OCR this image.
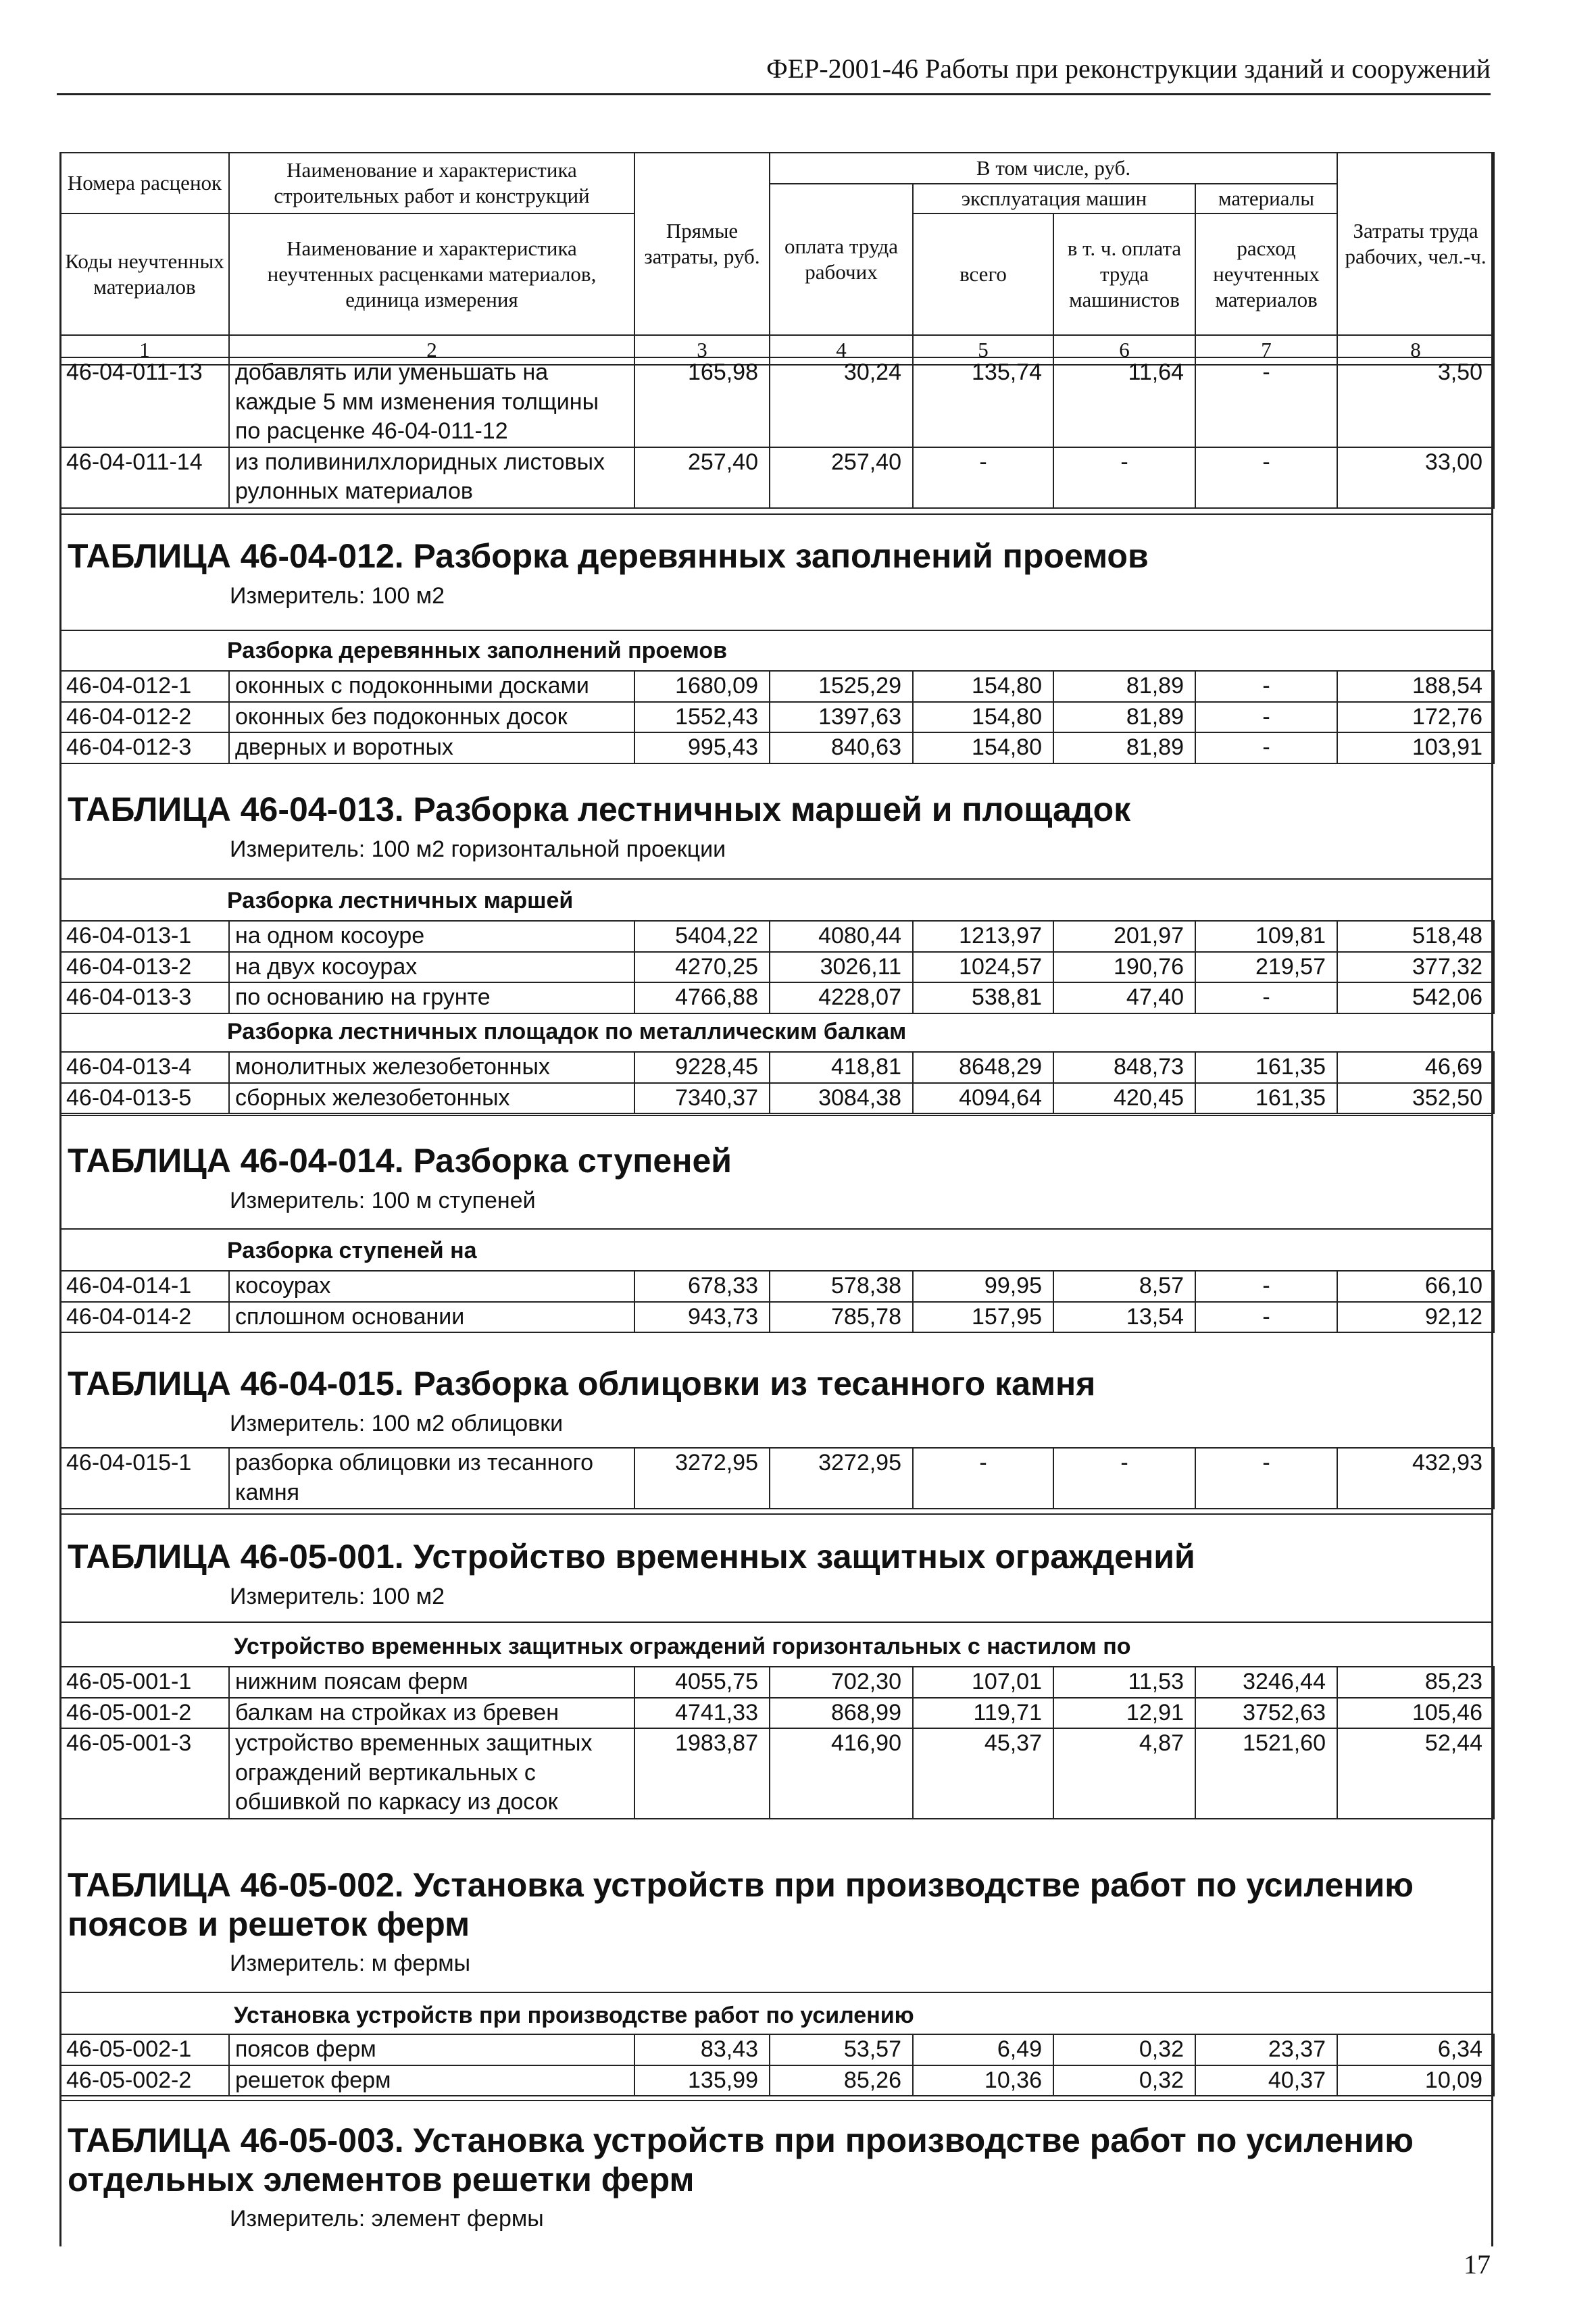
ФЕР-2001-46 Работы при реконструкции зданий и сооружений
Номера расценок	Наименование и характеристика строительных работ и конструкций	Прямые затраты, руб.	В том числе, руб.				Затраты труда рабочих, чел.-ч.
			оплата труда рабочих	эксплуатация машин		материалы	
Коды неучтенных материалов	Наименование и характеристика неучтенных расценками материалов, единица измерения			всего	в т. ч. оплата труда машинистов	расход неучтенных материалов	

1	2	3	4	5	6	7	8
46-04-011-13	добавлять или уменьшать на каждые 5 мм изменения толщины по расценке 46-04-011-12	165,98	30,24	135,74	11,64	-	3,50
46-04-011-14	из поливинилхлоридных листовых рулонных материалов	257,40	257,40	-	-	-	33,00
ТАБЛИЦА 46-04-012. Разборка деревянных заполнений проемов
Измеритель: 100 м2
Разборка деревянных заполнений проемов
46-04-012-1	оконных с подоконными досками	1680,09	1525,29	154,80	81,89	-	188,54
46-04-012-2	оконных без подоконных досок	1552,43	1397,63	154,80	81,89	-	172,76
46-04-012-3	дверных и воротных	995,43	840,63	154,80	81,89	-	103,91
ТАБЛИЦА 46-04-013. Разборка лестничных маршей и площадок
Измеритель: 100 м2 горизонтальной проекции
Разборка лестничных маршей
46-04-013-1	на одном косоуре	5404,22	4080,44	1213,97	201,97	109,81	518,48
46-04-013-2	на двух косоурах	4270,25	3026,11	1024,57	190,76	219,57	377,32
46-04-013-3	по основанию на грунте	4766,88	4228,07	538,81	47,40	-	542,06
Разборка лестничных площадок по металлическим балкам
46-04-013-4	монолитных железобетонных	9228,45	418,81	8648,29	848,73	161,35	46,69
46-04-013-5	сборных железобетонных	7340,37	3084,38	4094,64	420,45	161,35	352,50
ТАБЛИЦА 46-04-014. Разборка ступеней
Измеритель: 100 м ступеней
Разборка ступеней на
46-04-014-1	косоурах	678,33	578,38	99,95	8,57	-	66,10
46-04-014-2	сплошном основании	943,73	785,78	157,95	13,54	-	92,12
ТАБЛИЦА 46-04-015. Разборка облицовки из тесанного камня
Измеритель: 100 м2 облицовки
46-04-015-1	разборка облицовки из тесанного камня	3272,95	3272,95	-	-	-	432,93
ТАБЛИЦА 46-05-001. Устройство временных защитных ограждений
Измеритель: 100 м2
Устройство временных защитных ограждений горизонтальных с настилом по
46-05-001-1	нижним поясам ферм	4055,75	702,30	107,01	11,53	3246,44	85,23
46-05-001-2	балкам на стройках из бревен	4741,33	868,99	119,71	12,91	3752,63	105,46
46-05-001-3	устройство временных защитных ограждений вертикальных с обшивкой по каркасу из досок	1983,87	416,90	45,37	4,87	1521,60	52,44
ТАБЛИЦА 46-05-002. Установка устройств при производстве работ по усилению поясов и решеток ферм
Измеритель: м фермы
Установка устройств при производстве работ по усилению
46-05-002-1	поясов ферм	83,43	53,57	6,49	0,32	23,37	6,34
46-05-002-2	решеток ферм	135,99	85,26	10,36	0,32	40,37	10,09
ТАБЛИЦА 46-05-003. Установка устройств при производстве работ по усилению отдельных элементов решетки ферм
Измеритель: элемент фермы
17
